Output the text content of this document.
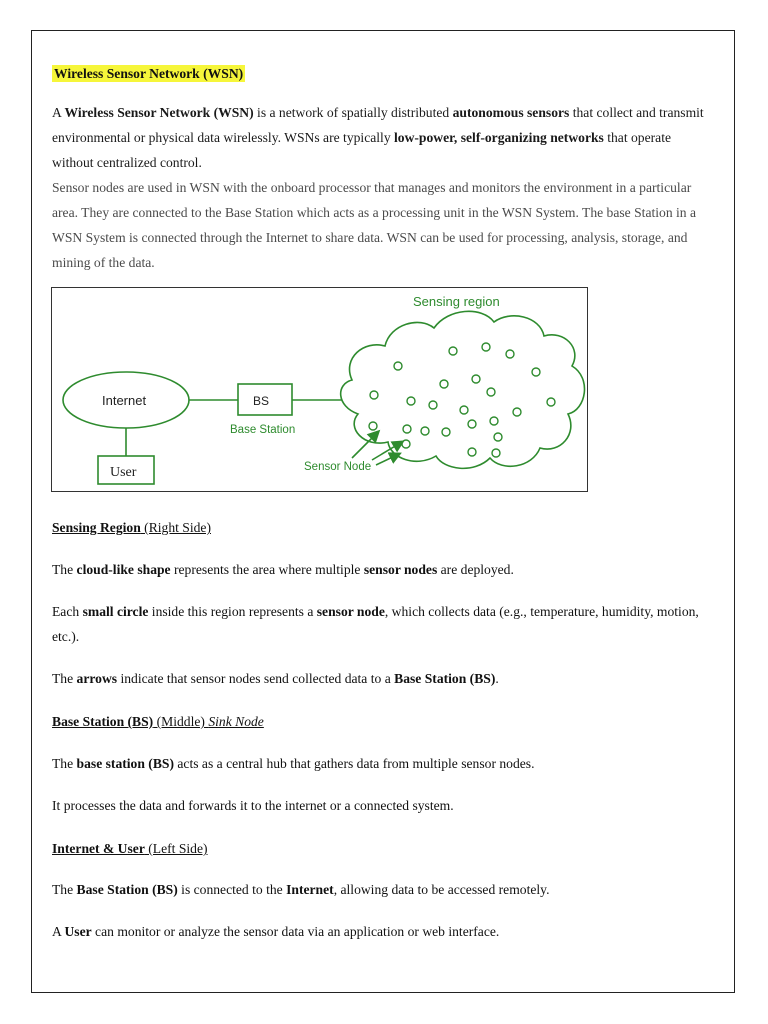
Wireless Sensor Network (WSN)

A Wireless Sensor Network (WSN) is a network of spatially distributed autonomous sensors that collect and transmit environmental or physical data wirelessly. WSNs are typically low-power, self-organizing networks that operate without centralized control.

Sensor nodes are used in WSN with the onboard processor that manages and monitors the environment in a particular area. They are connected to the Base Station which acts as a processing unit in the WSN System. The base Station in a WSN System is connected through the Internet to share data. WSN can be used for processing, analysis, storage, and mining of the data.

Sensing region
Base Station
Sensor Node
Internet	BS
User

Sensing Region (Right Side)

The cloud-like shape represents the area where multiple sensor nodes are deployed.

Each small circle inside this region represents a sensor node, which collects data (e.g., temperature, humidity, motion, etc.).

The arrows indicate that sensor nodes send collected data to a Base Station (BS).

Base Station (BS) (Middle) Sink Node

The base station (BS) acts as a central hub that gathers data from multiple sensor nodes.

It processes the data and forwards it to the internet or a connected system.

Internet & User (Left Side)

The Base Station (BS) is connected to the Internet, allowing data to be accessed remotely.

A User can monitor or analyze the sensor data via an application or web interface.
